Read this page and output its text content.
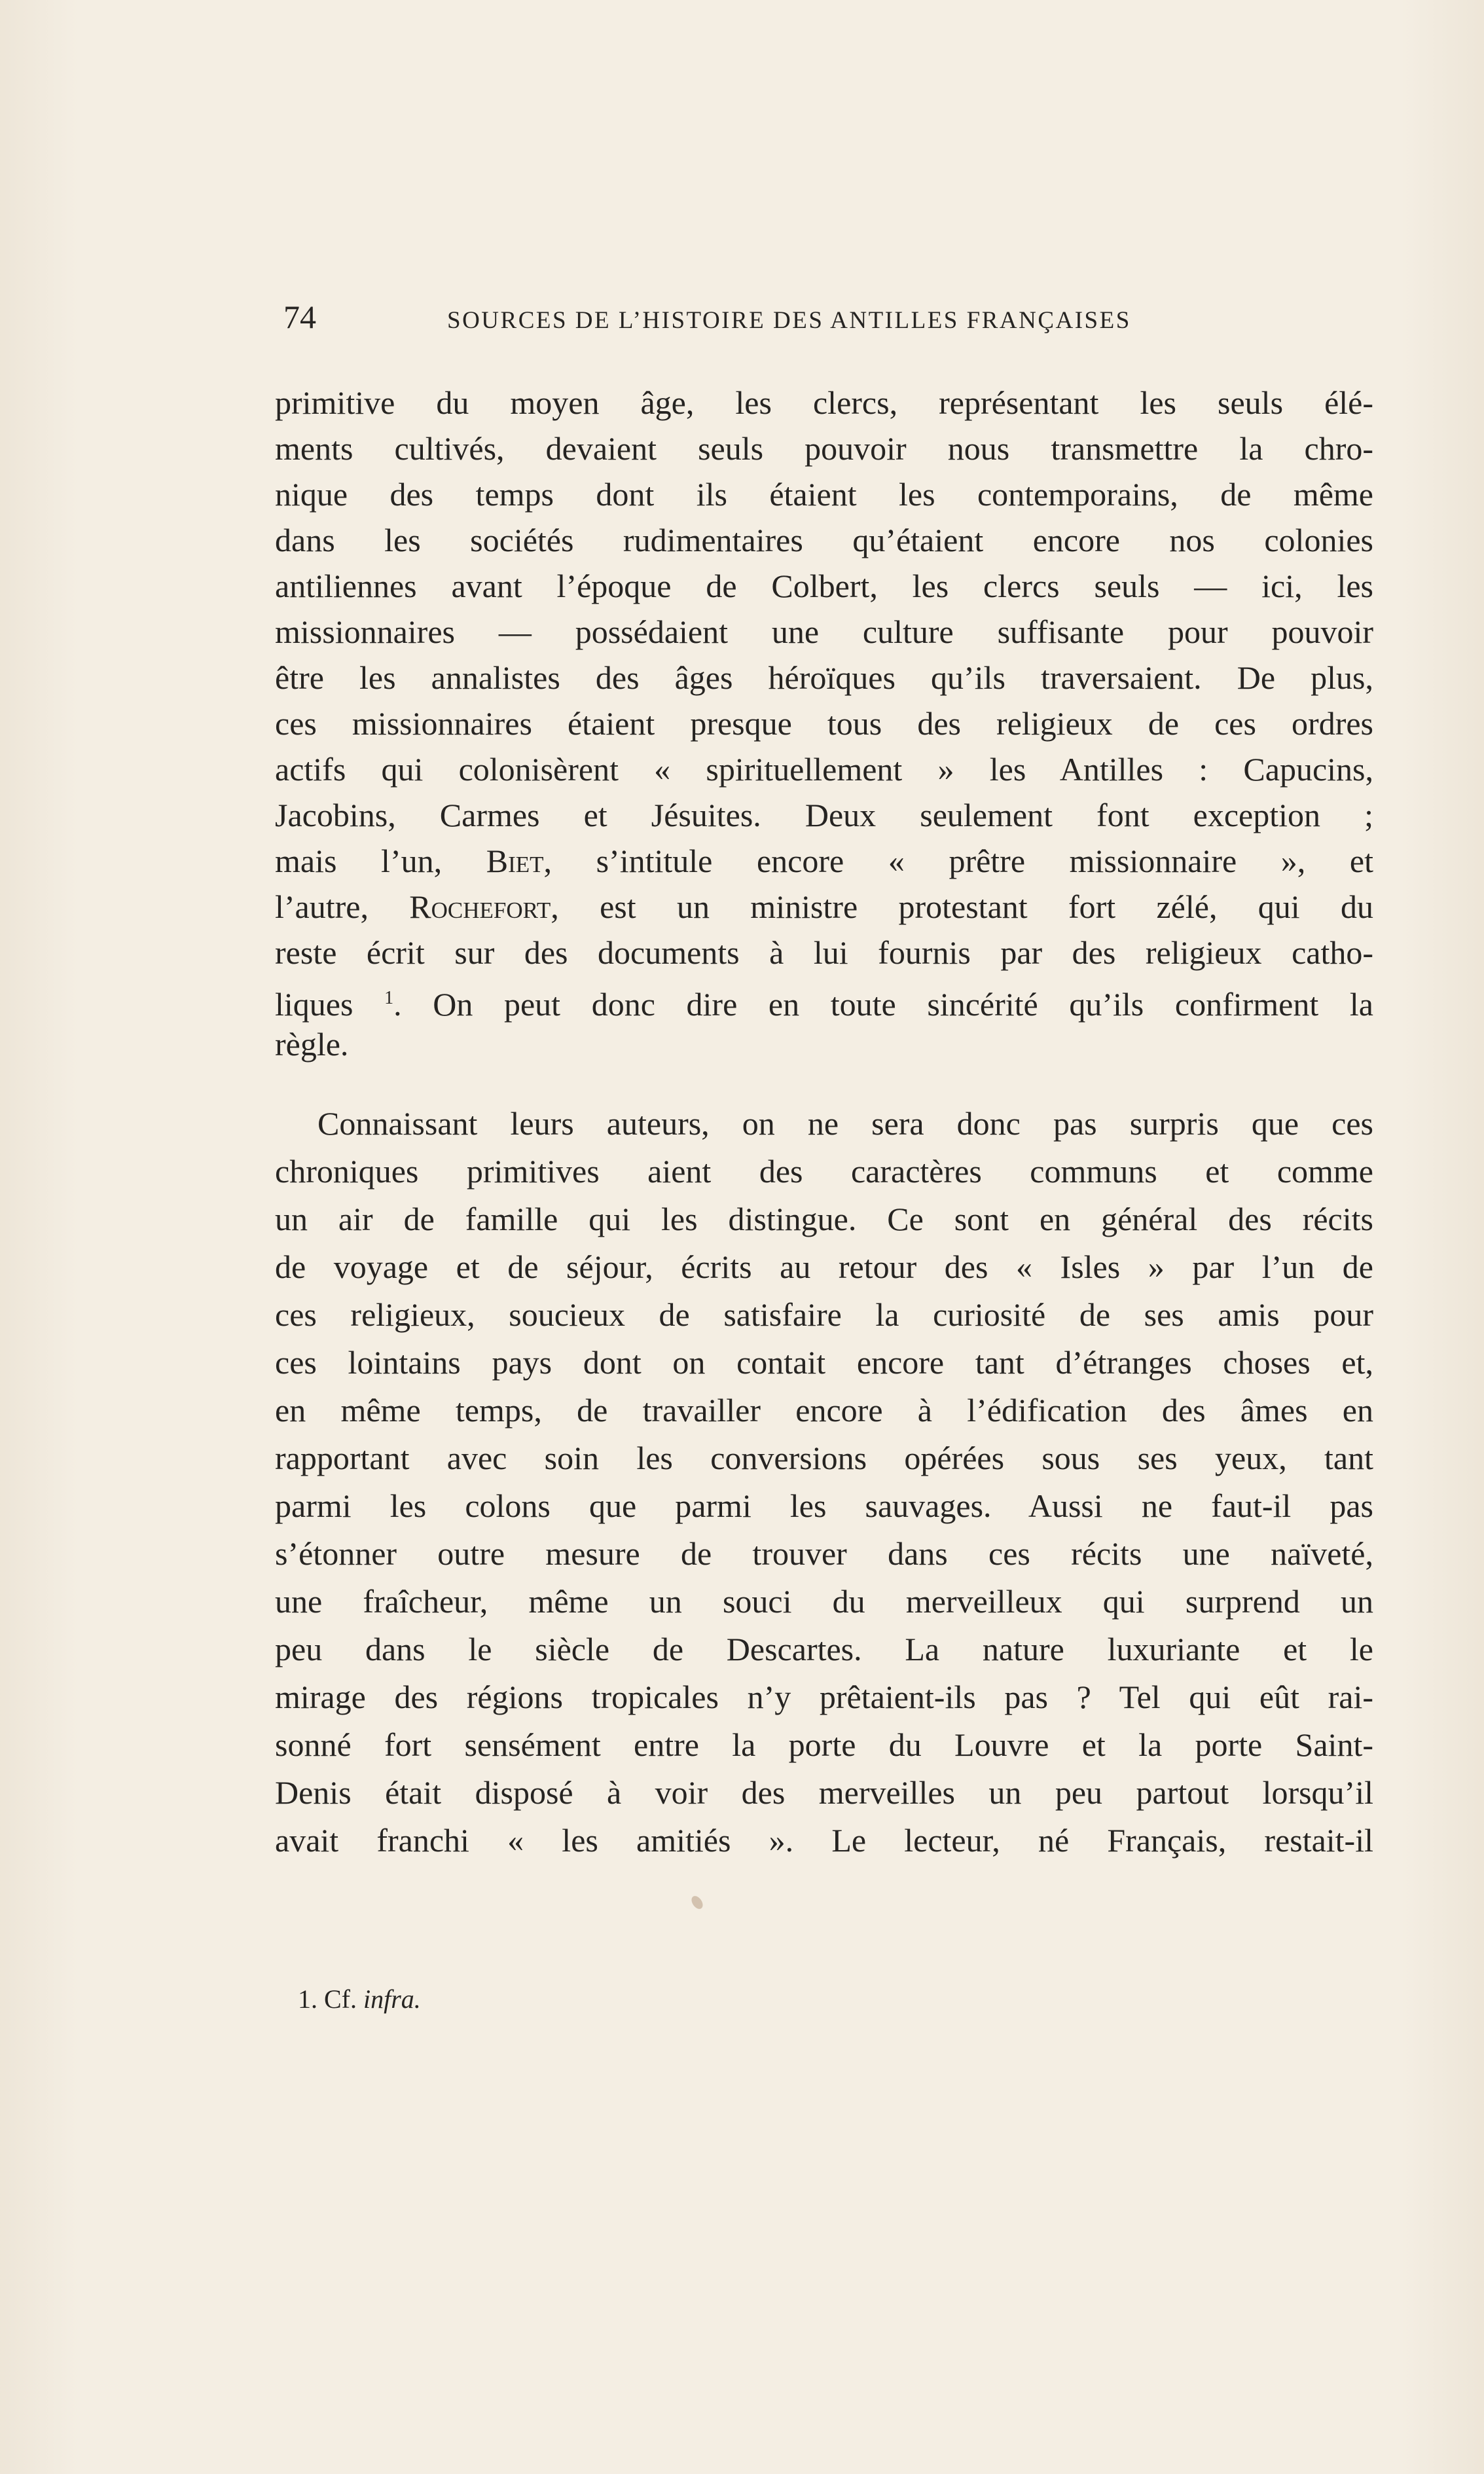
74	SOURCES DE L’HISTOIRE DES ANTILLES FRANÇAISES
primitive du moyen âge, les clercs, représentant les seuls élé-
ments cultivés, devaient seuls pouvoir nous transmettre la chro-
nique des temps dont ils étaient les contemporains, de même
dans les sociétés rudimentaires qu’étaient encore nos colonies
antiliennes avant l’époque de Colbert, les clercs seuls — ici, les
missionnaires — possédaient une culture suffisante pour pouvoir
être les annalistes des âges héroïques qu’ils traversaient. De plus,
ces missionnaires étaient presque tous des religieux de ces ordres
actifs qui colonisèrent « spirituellement » les Antilles : Capucins,
Jacobins, Carmes et Jésuites. Deux seulement font exception ;
mais l’un, Biet, s’intitule encore « prêtre missionnaire », et
l’autre, Rochefort, est un ministre protestant fort zélé, qui du
reste écrit sur des documents à lui fournis par des religieux catho-
liques $^1$. On peut donc dire en toute sincérité qu’ils confirment la
règle.
Connaissant leurs auteurs, on ne sera donc pas surpris que ces
chroniques primitives aient des caractères communs et comme
un air de famille qui les distingue. Ce sont en général des récits
de voyage et de séjour, écrits au retour des « Isles » par l’un de
ces religieux, soucieux de satisfaire la curiosité de ses amis pour
ces lointains pays dont on contait encore tant d’étranges choses et,
en même temps, de travailler encore à l’édification des âmes en
rapportant avec soin les conversions opérées sous ses yeux, tant
parmi les colons que parmi les sauvages. Aussi ne faut-il pas
s’étonner outre mesure de trouver dans ces récits une naïveté,
une fraîcheur, même un souci du merveilleux qui surprend un
peu dans le siècle de Descartes. La nature luxuriante et le
mirage des régions tropicales n’y prêtaient-ils pas ? Tel qui eût rai-
sonné fort sensément entre la porte du Louvre et la porte Saint-
Denis était disposé à voir des merveilles un peu partout lorsqu’il
avait franchi « les amitiés ». Le lecteur, né Français, restait-il
1. Cf. infra.
